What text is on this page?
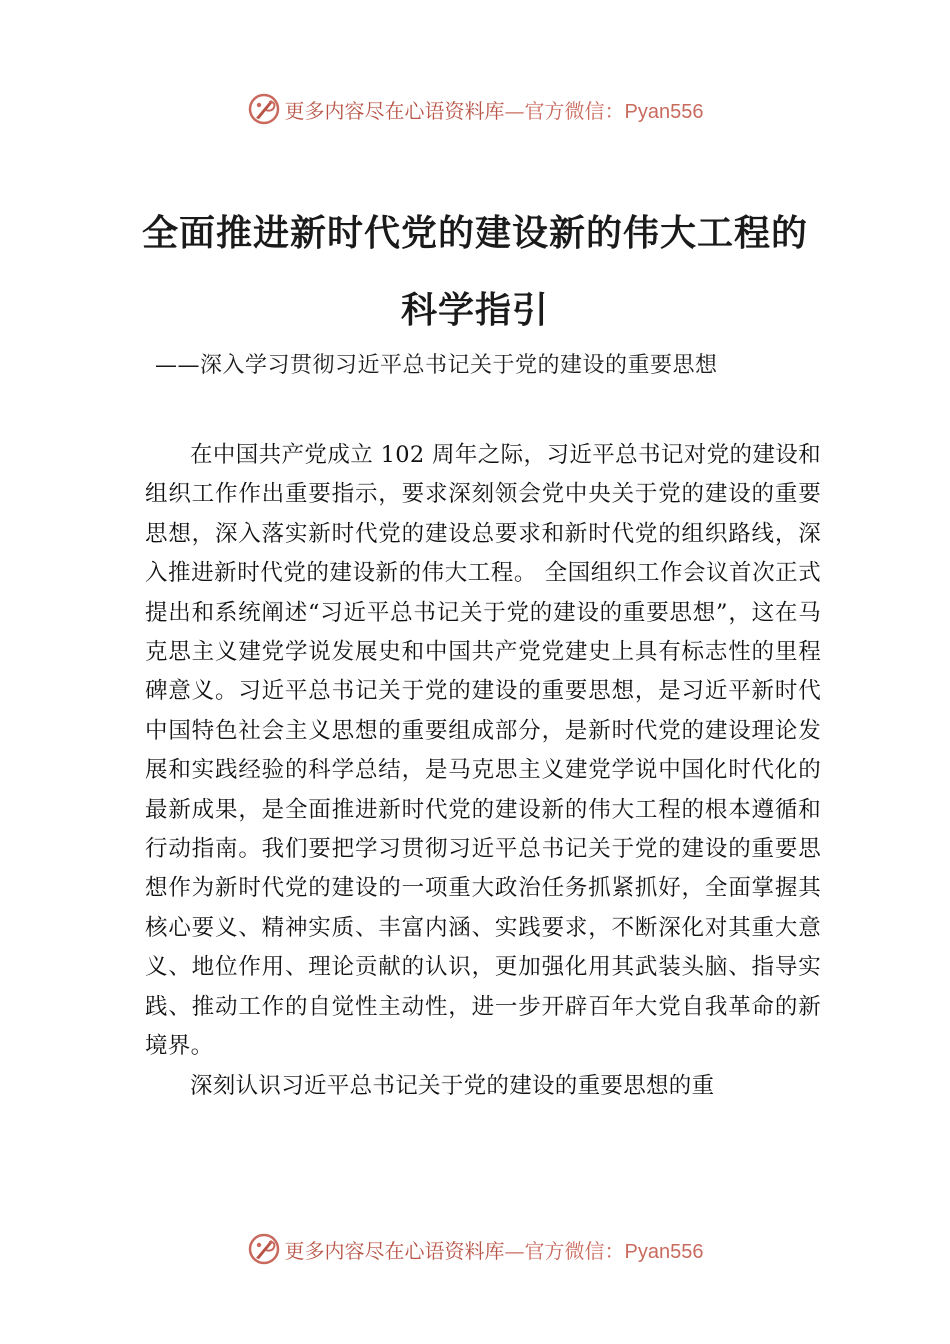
更多内容尽在心语资料库—官方微信：Pyan556
全面推进新时代党的建设新的伟大工程的
科学指引
——深入学习贯彻习近平总书记关于党的建设的重要思想

在中国共产党成立 102 周年之际，习近平总书记对党的建设和组织工作作出重要指示，要求深刻领会党中央关于党的建设的重要思想，深入落实新时代党的建设总要求和新时代党的组织路线，深入推进新时代党的建设新的伟大工程。 全国组织工作会议首次正式提出和系统阐述“习近平总书记关于党的建设的重要思想”，这在马克思主义建党学说发展史和中国共产党党建史上具有标志性的里程碑意义。习近平总书记关于党的建设的重要思想，是习近平新时代中国特色社会主义思想的重要组成部分，是新时代党的建设理论发展和实践经验的科学总结，是马克思主义建党学说中国化时代化的最新成果，是全面推进新时代党的建设新的伟大工程的根本遵循和行动指南。我们要把学习贯彻习近平总书记关于党的建设的重要思想作为新时代党的建设的一项重大政治任务抓紧抓好，全面掌握其核心要义、精神实质、丰富内涵、实践要求，不断深化对其重大意义、地位作用、理论贡献的认识，更加强化用其武装头脑、指导实践、推动工作的自觉性主动性，进一步开辟百年大党自我革命的新境界。

深刻认识习近平总书记关于党的建设的重要思想的重

更多内容尽在心语资料库—官方微信：Pyan556
